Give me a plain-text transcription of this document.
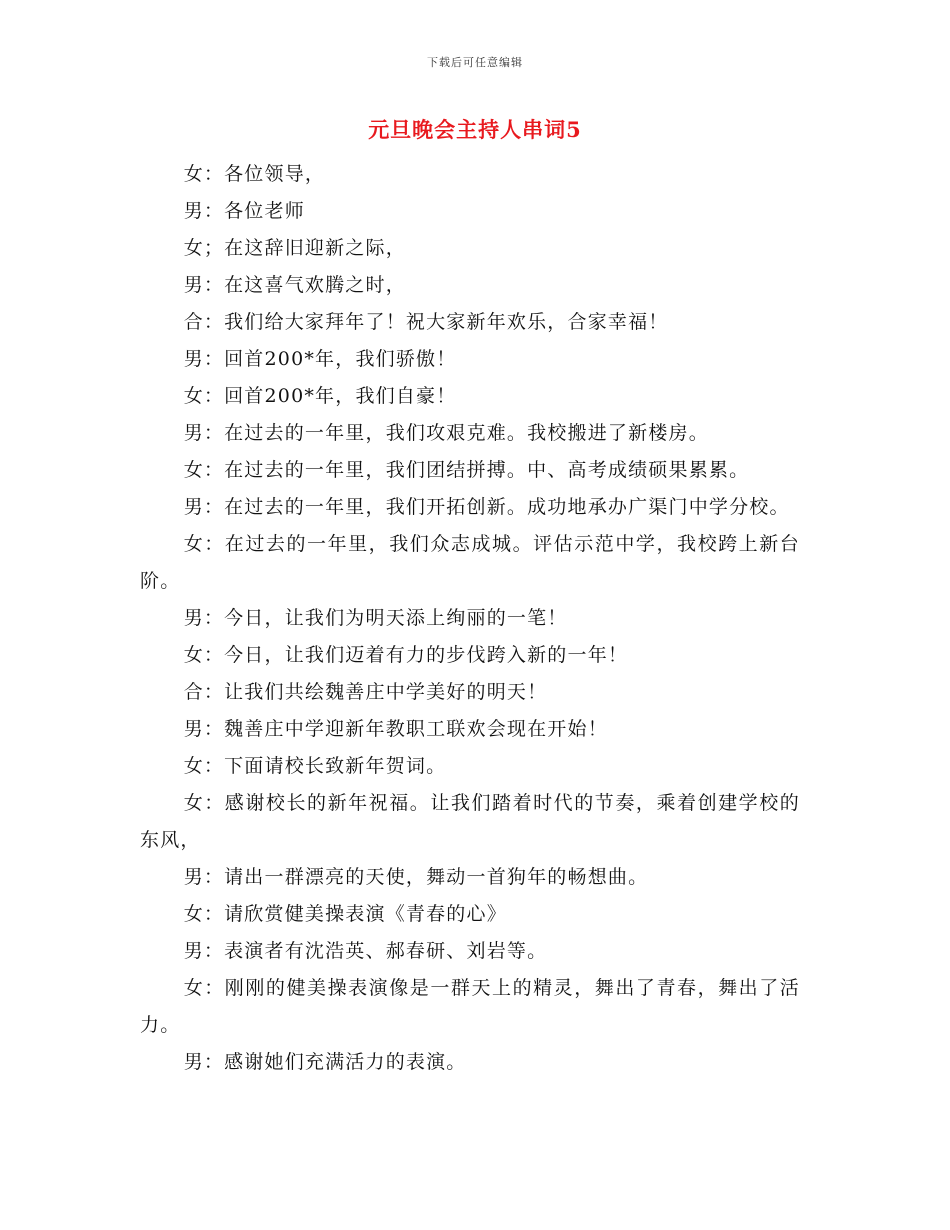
下载后可任意编辑
元旦晚会主持人串词5

女：各位领导，

男：各位老师

女；在这辞旧迎新之际，

男：在这喜气欢腾之时，

合：我们给大家拜年了！祝大家新年欢乐，合家幸福！

男：回首200*年，我们骄傲！

女：回首200*年，我们自豪！

男：在过去的一年里，我们攻艰克难。我校搬进了新楼房。

女：在过去的一年里，我们团结拼搏。中、高考成绩硕果累累。

男：在过去的一年里，我们开拓创新。成功地承办广渠门中学分校。

女：在过去的一年里，我们众志成城。评估示范中学，我校跨上新台阶。

男：今日，让我们为明天添上绚丽的一笔！

女：今日，让我们迈着有力的步伐跨入新的一年！

合：让我们共绘魏善庄中学美好的明天！

男：魏善庄中学迎新年教职工联欢会现在开始！

女：下面请校长致新年贺词。

女：感谢校长的新年祝福。让我们踏着时代的节奏，乘着创建学校的东风，

男：请出一群漂亮的天使，舞动一首狗年的畅想曲。

女：请欣赏健美操表演《青春的心》

男：表演者有沈浩英、郝春研、刘岩等。

女：刚刚的健美操表演像是一群天上的精灵，舞出了青春，舞出了活力。

男：感谢她们充满活力的表演。
